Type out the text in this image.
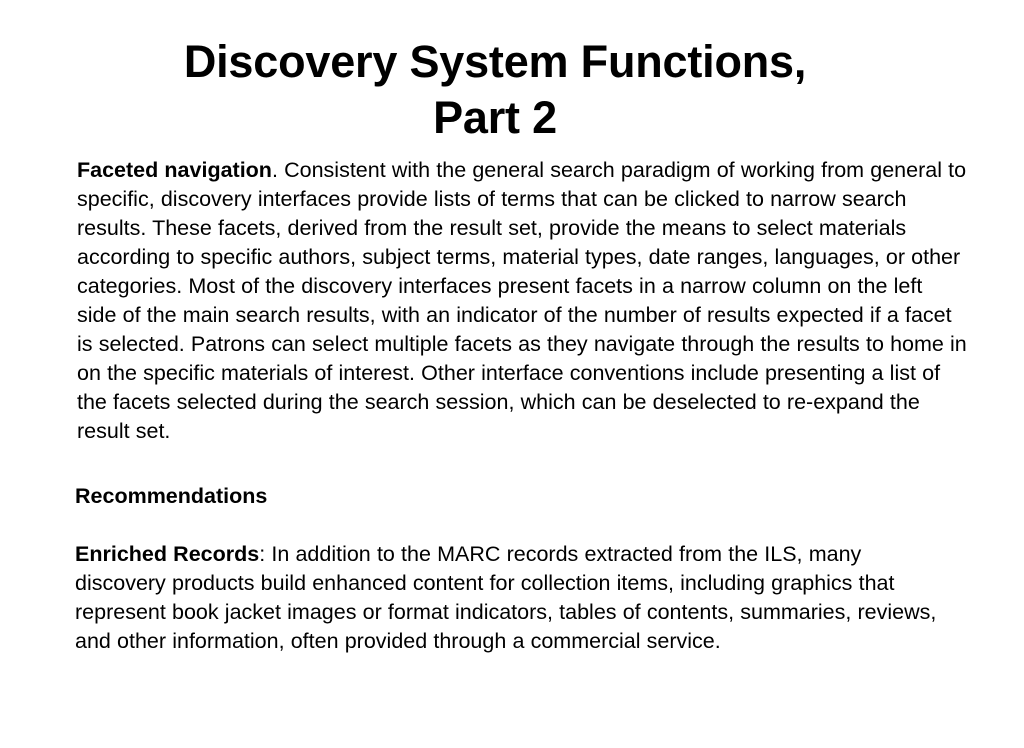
Discovery System Functions,
Part 2

Faceted navigation. Consistent with the general search paradigm of working from general to specific, discovery interfaces provide lists of terms that can be clicked to narrow search results. These facets, derived from the result set, provide the means to select materials according to specific authors, subject terms, material types, date ranges, languages, or other categories. Most of the discovery interfaces present facets in a narrow column on the left side of the main search results, with an indicator of the number of results expected if a facet is selected. Patrons can select multiple facets as they navigate through the results to home in on the specific materials of interest. Other interface conventions include presenting a list of the facets selected during the search session, which can be deselected to re-expand the result set.

Recommendations

Enriched Records: In addition to the MARC records extracted from the ILS, many discovery products build enhanced content for collection items, including graphics that represent book jacket images or format indicators, tables of contents, summaries, reviews, and other information, often provided through a commercial service.
